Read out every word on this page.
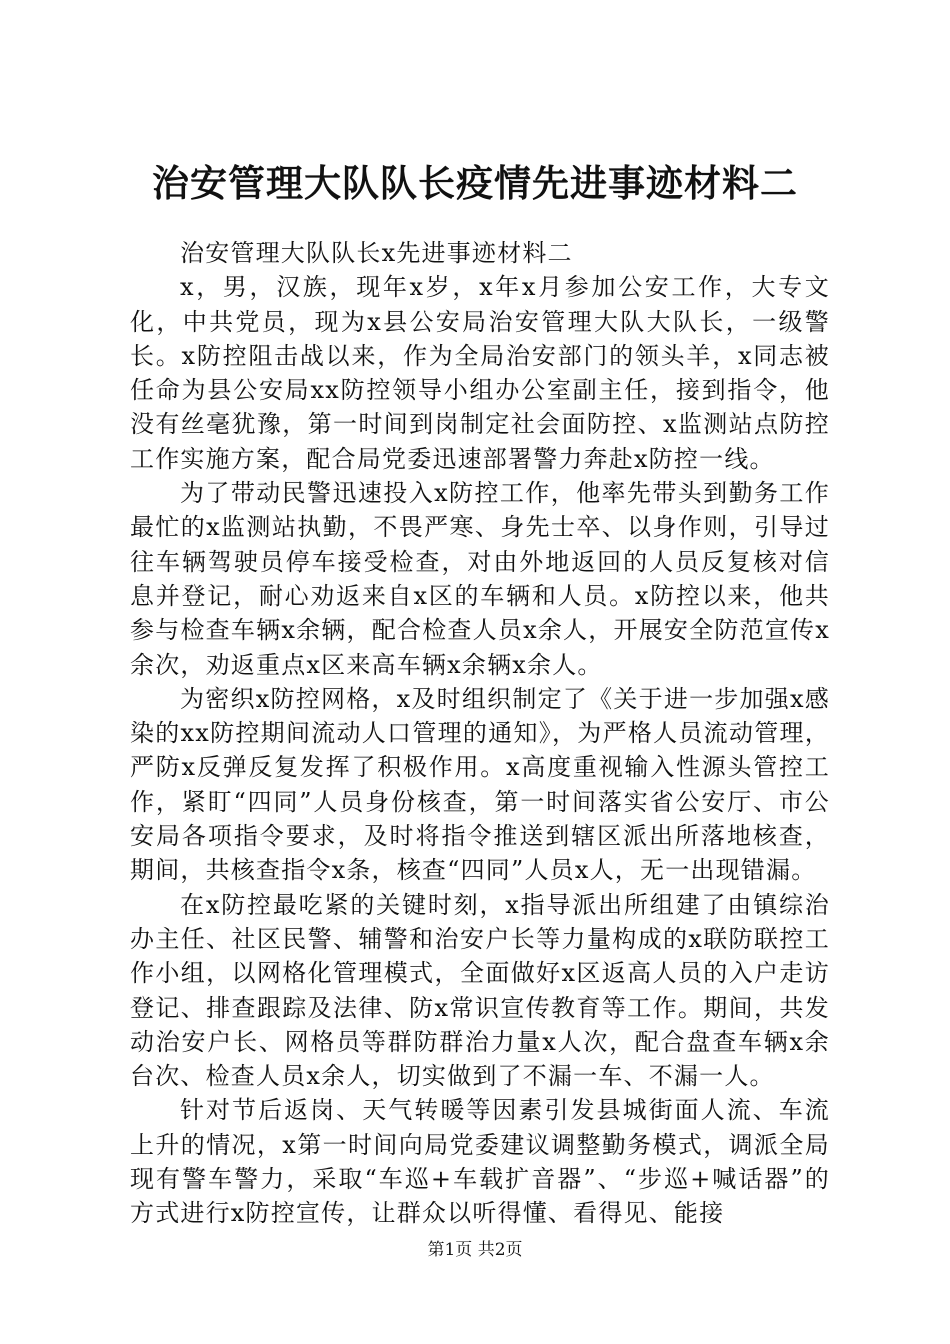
治安管理大队队长疫情先进事迹材料二

治安管理大队队长x先进事迹材料二

x，男，汉族，现年x岁，x年x月参加公安工作，大专文化，中共党员，现为x县公安局治安管理大队大队长，一级警长。x防控阻击战以来，作为全局治安部门的领头羊，x同志被任命为县公安局xx防控领导小组办公室副主任，接到指令，他没有丝毫犹豫，第一时间到岗制定社会面防控、x监测站点防控工作实施方案，配合局党委迅速部署警力奔赴x防控一线。

为了带动民警迅速投入x防控工作，他率先带头到勤务工作最忙的x监测站执勤，不畏严寒、身先士卒、以身作则，引导过往车辆驾驶员停车接受检查，对由外地返回的人员反复核对信息并登记，耐心劝返来自x区的车辆和人员。x防控以来，他共参与检查车辆x余辆，配合检查人员x余人，开展安全防范宣传x余次，劝返重点x区来高车辆x余辆x余人。

为密织x防控网格，x及时组织制定了《关于进一步加强x感染的xx防控期间流动人口管理的通知》，为严格人员流动管理，严防x反弹反复发挥了积极作用。x高度重视输入性源头管控工作，紧盯“四同”人员身份核查，第一时间落实省公安厅、市公安局各项指令要求，及时将指令推送到辖区派出所落地核查，期间，共核查指令x条，核查“四同”人员x人，无一出现错漏。

在x防控最吃紧的关键时刻，x指导派出所组建了由镇综治办主任、社区民警、辅警和治安户长等力量构成的x联防联控工作小组，以网格化管理模式，全面做好x区返高人员的入户走访登记、排查跟踪及法律、防x常识宣传教育等工作。期间，共发动治安户长、网格员等群防群治力量x人次，配合盘查车辆x余台次、检查人员x余人，切实做到了不漏一车、不漏一人。

针对节后返岗、天气转暖等因素引发县城街面人流、车流上升的情况，x第一时间向局党委建议调整勤务模式，调派全局现有警车警力，采取“车巡+车载扩音器”、“步巡+喊话器”的方式进行x防控宣传，让群众以听得懂、看得见、能接

第1页 共2页
